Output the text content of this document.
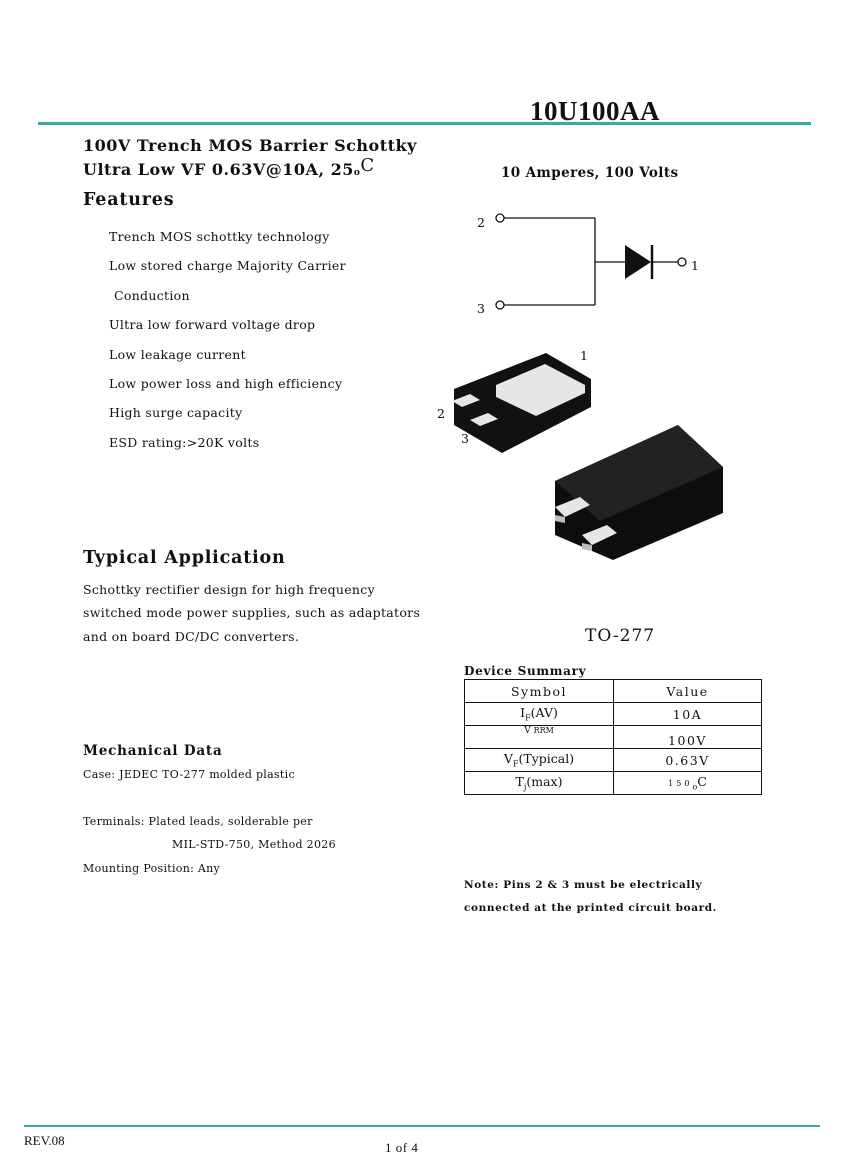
10U100AA
100V Trench MOS Barrier Schottky
Ultra Low VF 0.63V@10A, 25oC	10 Amperes, 100 Volts
Features
Trench MOS schottky technology
Low stored charge Majority Carrier
Conduction
Ultra low forward voltage drop
Low leakage current
Low power loss and high efficiency
High surge capacity
ESD rating:>20K volts
2
3
1
1
2
3
TO-277
Typical Application
Schottky rectifier design for high frequency
switched mode power supplies, such as adaptators
and on board DC/DC converters.
Device Summary
Symbol	Value
$I_F(AV)$	10A
V RRM	100V
$V_F(Typical)$	0.63V
$T_j(\max)$	$150_oC$
Mechanical Data
Case: JEDEC TO-277 molded plastic
Terminals: Plated leads, solderable per
MIL-STD-750, Method 2026
Mounting Position: Any
Note: Pins 2 & 3 must be electrically
connected at the printed circuit board.
REV.08	1 of 4
